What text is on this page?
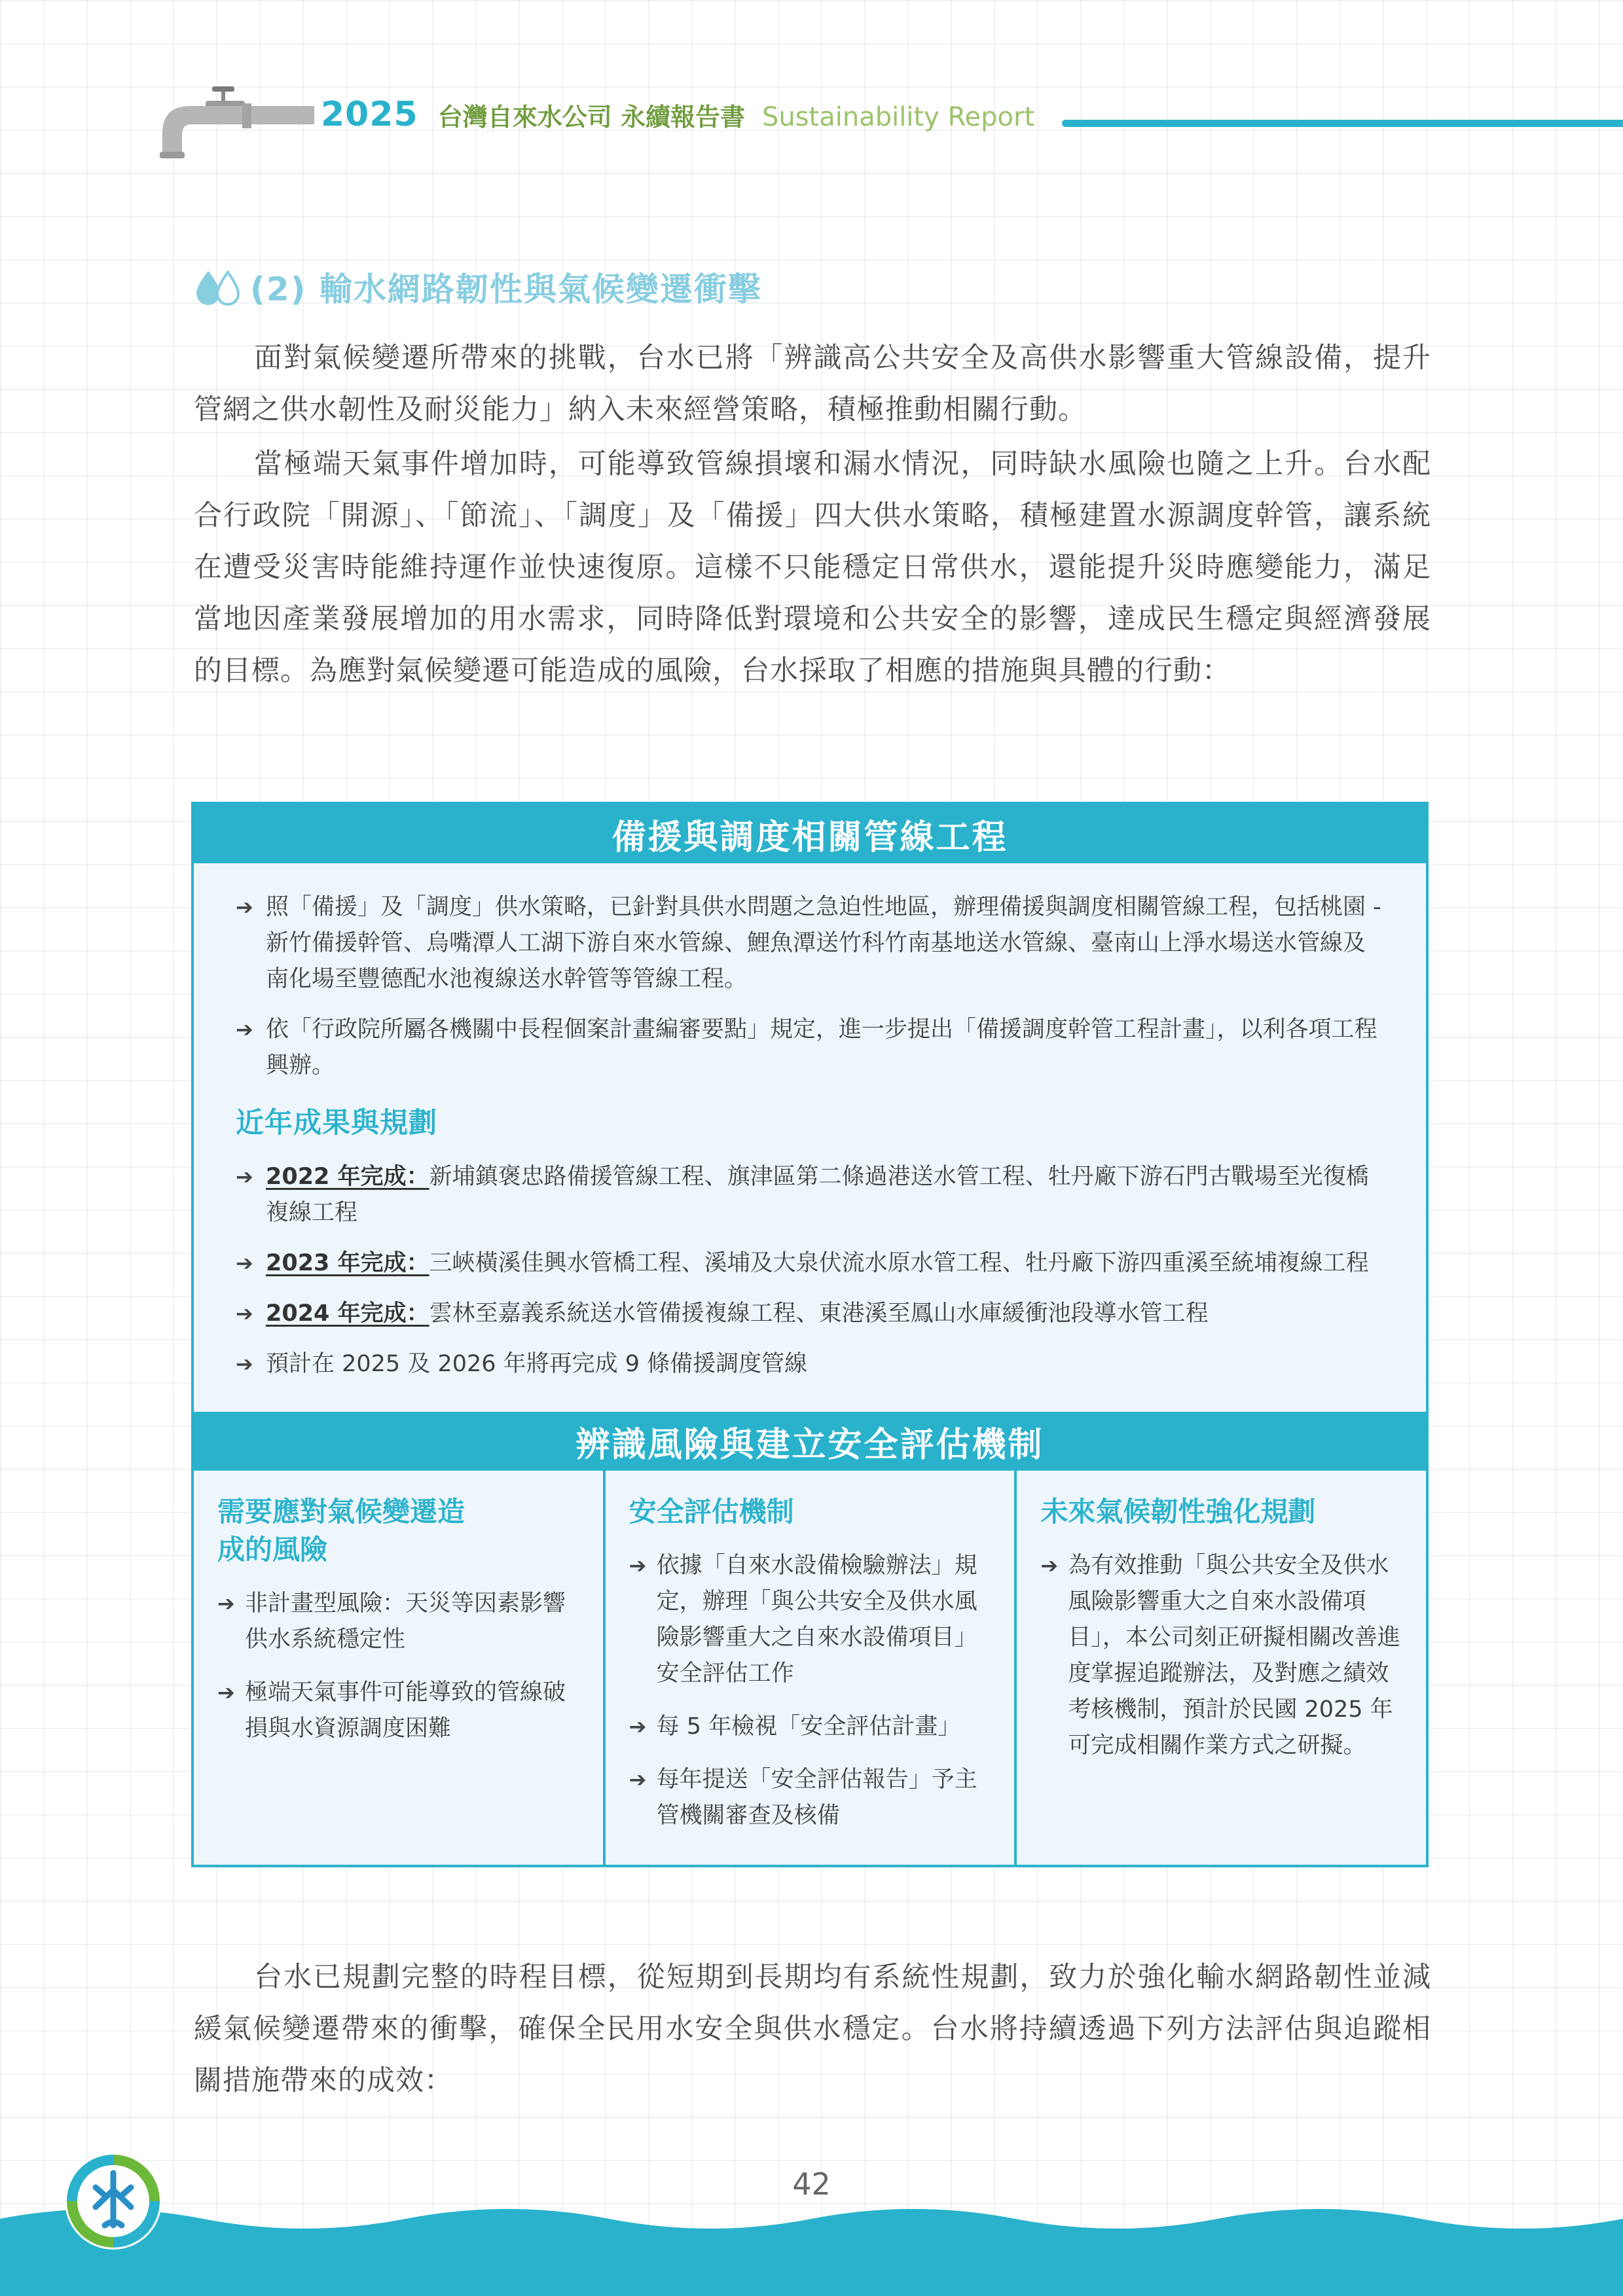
2025 台灣自來水公司 永續報告書 Sustainability Report
(2) 輸水網路韌性與氣候變遷衝擊

面對氣候變遷所帶來的挑戰，台水已將「辨識高公共安全及高供水影響重大管線設備，提升管網之供水韌性及耐災能力」納入未來經營策略，積極推動相關行動。

當極端天氣事件增加時，可能導致管線損壞和漏水情況，同時缺水風險也隨之上升。台水配合行政院「開源」、「節流」、「調度」及「備援」四大供水策略，積極建置水源調度幹管，讓系統在遭受災害時能維持運作並快速復原。這樣不只能穩定日常供水，還能提升災時應變能力，滿足當地因產業發展增加的用水需求，同時降低對環境和公共安全的影響，達成民生穩定與經濟發展的目標。為應對氣候變遷可能造成的風險，台水採取了相應的措施與具體的行動：

備援與調度相關管線工程
➔ 照「備援」及「調度」供水策略，已針對具供水問題之急迫性地區，辦理備援與調度相關管線工程，包括桃園 - 新竹備援幹管、烏嘴潭人工湖下游自來水管線、鯉魚潭送竹科竹南基地送水管線、臺南山上淨水場送水管線及南化場至豐德配水池複線送水幹管等管線工程。
➔ 依「行政院所屬各機關中長程個案計畫編審要點」規定，進一步提出「備援調度幹管工程計畫」，以利各項工程興辦。
近年成果與規劃
➔ 2022 年完成：新埔鎮褒忠路備援管線工程、旗津區第二條過港送水管工程、牡丹廠下游石門古戰場至光復橋複線工程
➔ 2023 年完成：三峽橫溪佳興水管橋工程、溪埔及大泉伏流水原水管工程、牡丹廠下游四重溪至統埔複線工程
➔ 2024 年完成：雲林至嘉義系統送水管備援複線工程、東港溪至鳳山水庫緩衝池段導水管工程
➔ 預計在 2025 及 2026 年將再完成 9 條備援調度管線
辨識風險與建立安全評估機制
需要應對氣候變遷造成的風險
➔ 非計畫型風險：天災等因素影響供水系統穩定性
➔ 極端天氣事件可能導致的管線破損與水資源調度困難
安全評估機制
➔ 依據「自來水設備檢驗辦法」規定，辦理「與公共安全及供水風險影響重大之自來水設備項目」安全評估工作
➔ 每 5 年檢視「安全評估計畫」
➔ 每年提送「安全評估報告」予主管機關審查及核備
未來氣候韌性強化規劃
➔ 為有效推動「與公共安全及供水風險影響重大之自來水設備項目」，本公司刻正研擬相關改善進度掌握追蹤辦法，及對應之績效考核機制，預計於民國 2025 年可完成相關作業方式之研擬。

台水已規劃完整的時程目標，從短期到長期均有系統性規劃，致力於強化輸水網路韌性並減緩氣候變遷帶來的衝擊，確保全民用水安全與供水穩定。台水將持續透過下列方法評估與追蹤相關措施帶來的成效：

42
